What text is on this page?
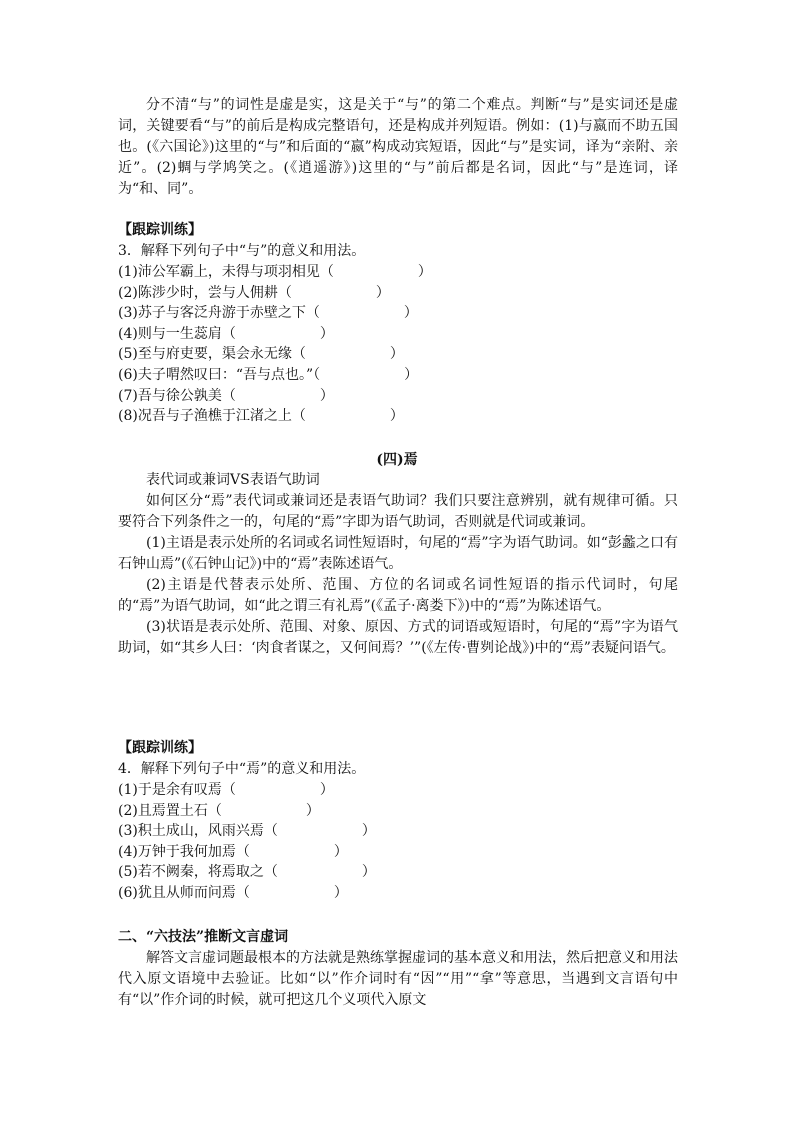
分不清“与”的词性是虚是实，这是关于“与”的第二个难点。判断“与”是实词还是虚词，关键要看“与”的前后是构成完整语句，还是构成并列短语。例如：(1)与嬴而不助五国也。(《六国论》)这里的“与”和后面的“嬴”构成动宾短语，因此“与”是实词，译为“亲附、亲近”。(2)蜩与学鸠笑之。(《逍遥游》)这里的“与”前后都是名词，因此“与”是连词，译为“和、同”。

【跟踪训练】

3．解释下列句子中“与”的意义和用法。

(1)沛公军霸上，未得与项羽相见（　　　　　　）
(2)陈涉少时，尝与人佣耕（　　　　　　）
(3)苏子与客泛舟游于赤壁之下（　　　　　　）
(4)则与一生蕊肩（　　　　　　）
(5)至与府吏要，渠会永无缘（　　　　　　）
(6)夫子喟然叹曰：“吾与点也。”（　　　　　　）
(7)吾与徐公孰美（　　　　　　）
(8)况吾与子渔樵于江渚之上（　　　　　　）
(四)焉

表代词或兼词VS表语气助词

如何区分“焉”表代词或兼词还是表语气助词？我们只要注意辨别，就有规律可循。只要符合下列条件之一的，句尾的“焉”字即为语气助词，否则就是代词或兼词。

(1)主语是表示处所的名词或名词性短语时，句尾的“焉”字为语气助词。如“彭蠡之口有石钟山焉”(《石钟山记》)中的“焉”表陈述语气。

(2)主语是代替表示处所、范围、方位的名词或名词性短语的指示代词时，句尾的“焉”为语气助词，如“此之谓三有礼焉”(《孟子·离娄下》)中的“焉”为陈述语气。

(3)状语是表示处所、范围、对象、原因、方式的词语或短语时，句尾的“焉”字为语气助词，如“其乡人曰：‘肉食者谋之，又何间焉？’”(《左传·曹刿论战》)中的“焉”表疑问语气。

【跟踪训练】

4．解释下列句子中“焉”的意义和用法。

(1)于是余有叹焉（　　　　　　）
(2)且焉置土石（　　　　　　）
(3)积土成山，风雨兴焉（　　　　　　）
(4)万钟于我何加焉（　　　　　　）
(5)若不阙秦，将焉取之（　　　　　　）
(6)犹且从师而问焉（　　　　　　）

二、“六技法”推断文言虚词

解答文言虚词题最根本的方法就是熟练掌握虚词的基本意义和用法，然后把意义和用法代入原文语境中去验证。比如“以”作介词时有“因”“用”“拿”等意思，当遇到文言语句中有“以”作介词的时候，就可把这几个义项代入原文
